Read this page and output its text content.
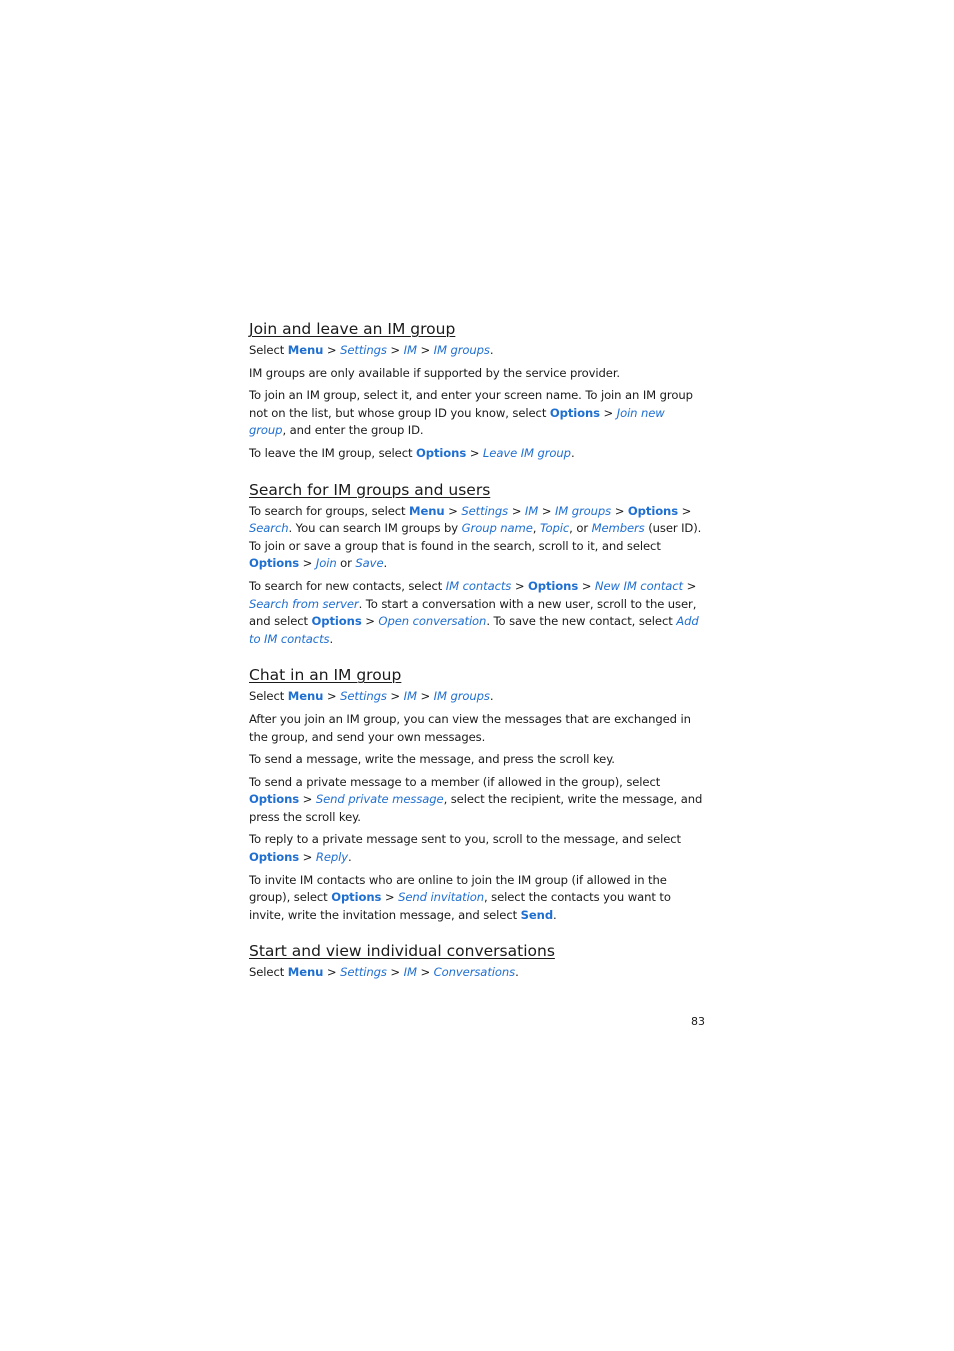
Join and leave an IM group

Select Menu > Settings > IM > IM groups.

IM groups are only available if supported by the service provider.

To join an IM group, select it, and enter your screen name. To join an IM group not on the list, but whose group ID you know, select Options > Join new group, and enter the group ID.

To leave the IM group, select Options > Leave IM group.

Search for IM groups and users

To search for groups, select Menu > Settings > IM > IM groups > Options > Search. You can search IM groups by Group name, Topic, or Members (user ID). To join or save a group that is found in the search, scroll to it, and select Options > Join or Save.

To search for new contacts, select IM contacts > Options > New IM contact > Search from server. To start a conversation with a new user, scroll to the user, and select Options > Open conversation. To save the new contact, select Add to IM contacts.

Chat in an IM group

Select Menu > Settings > IM > IM groups.

After you join an IM group, you can view the messages that are exchanged in the group, and send your own messages.

To send a message, write the message, and press the scroll key.

To send a private message to a member (if allowed in the group), select Options > Send private message, select the recipient, write the message, and press the scroll key.

To reply to a private message sent to you, scroll to the message, and select Options > Reply.

To invite IM contacts who are online to join the IM group (if allowed in the group), select Options > Send invitation, select the contacts you want to invite, write the invitation message, and select Send.

Start and view individual conversations

Select Menu > Settings > IM > Conversations.

83
